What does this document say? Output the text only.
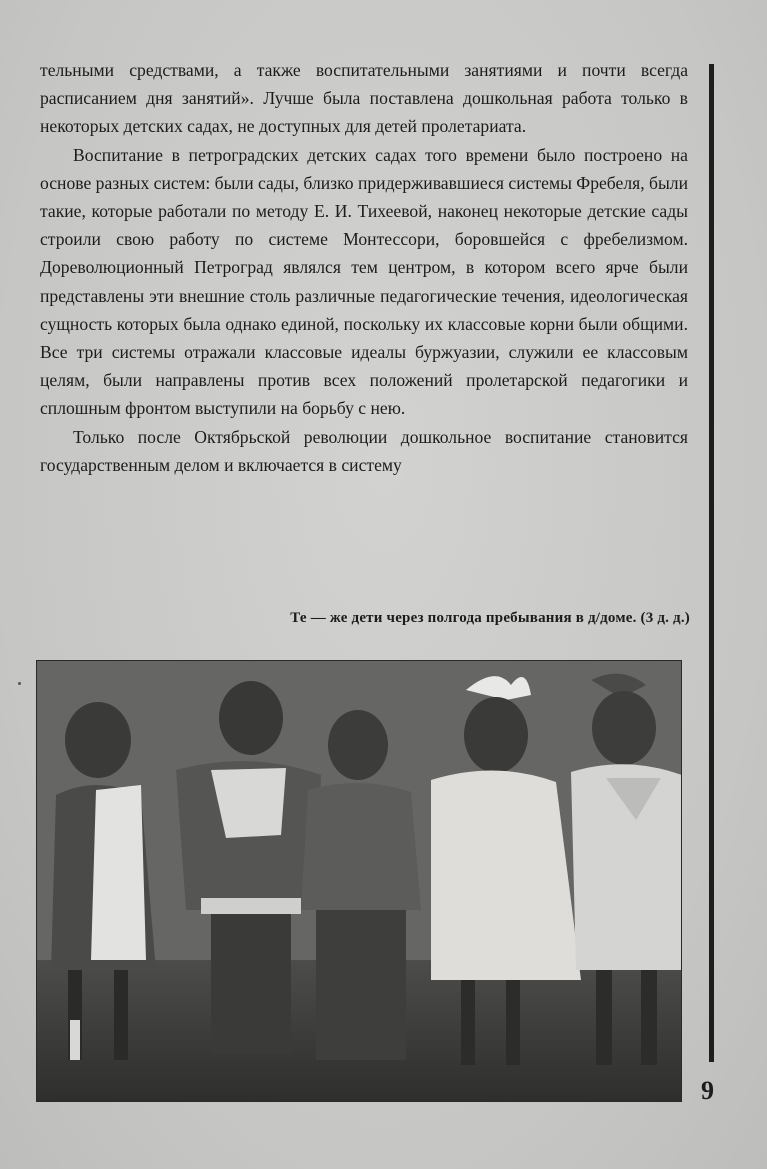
тельными средствами, а также воспитательными занятиями и почти всегда расписанием дня занятий». Лучше была поставлена дошкольная работа только в некоторых детских садах, не доступных для детей пролетариата.

Воспитание в петроградских детских садах того времени было построено на основе разных систем: были сады, близко придерживавшиеся системы Фребеля, были такие, которые работали по методу Е. И. Тихеевой, наконец некоторые детские сады строили свою работу по системе Монтессори, боровшейся с фребелизмом. Дореволюционный Петроград являлся тем центром, в котором всего ярче были представлены эти внешние столь различные педагогические течения, идеологическая сущность которых была однако единой, поскольку их классовые корни были общими. Все три системы отражали классовые идеалы буржуазии, служили ее классовым целям, были направлены против всех положений пролетарской педагогики и сплошным фронтом выступили на борьбу с нею.

Только после Октябрьской революции дошкольное воспитание становится государственным делом и включается в систему

Те — же дети через полгода пребывания в д/доме. (3 д. д.)
9
